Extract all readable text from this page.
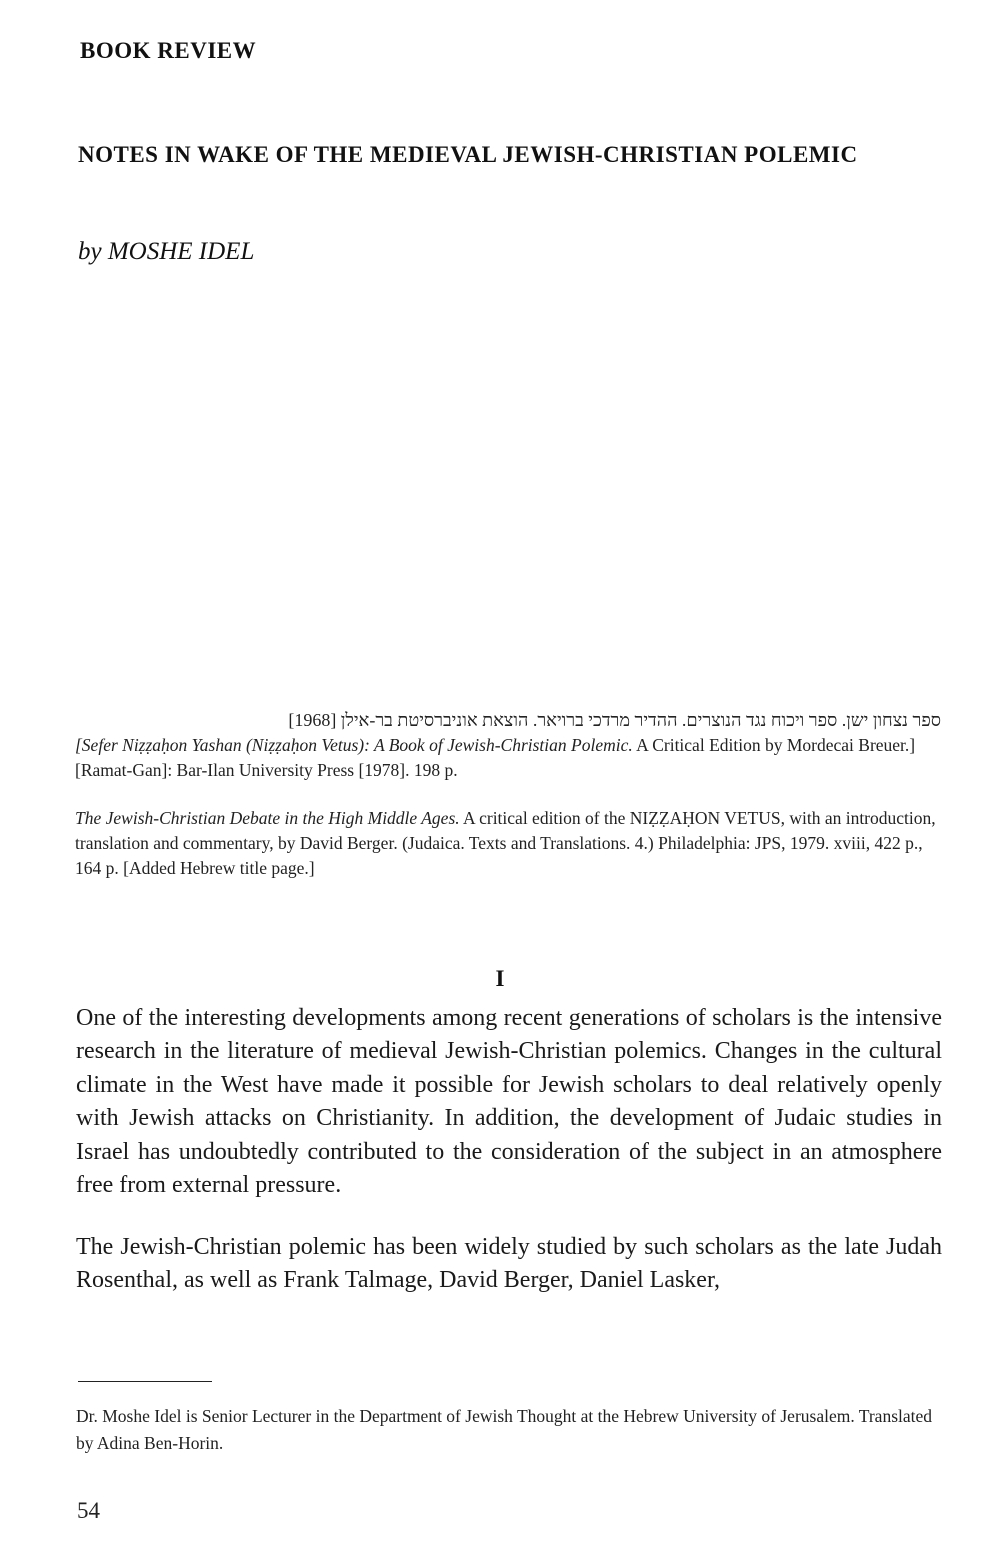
BOOK REVIEW
NOTES IN WAKE OF THE MEDIEVAL JEWISH-CHRISTIAN POLEMIC

by MOSHE IDEL

ספר נצחון ישן. ספר ויכוח נגד הנוצרים. ההדיר מרדכי ברויאר. הוצאת אוניברסיטת בר-אילן [1968]

[Sefer Niẓẓaḥon Yashan (Niẓẓaḥon Vetus): A Book of Jewish-Christian Polemic. A Critical Edition by Mordecai Breuer.] [Ramat-Gan]: Bar-Ilan University Press [1978]. 198 p.

The Jewish-Christian Debate in the High Middle Ages. A critical edition of the NIẒẒAḤON VETUS, with an introduction, translation and commentary, by David Berger. (Judaica. Texts and Translations. 4.) Philadelphia: JPS, 1979. xviii, 422 p., 164 p. [Added Hebrew title page.]

I

One of the interesting developments among recent generations of scholars is the intensive research in the literature of medieval Jewish-Christian polemics. Changes in the cultural climate in the West have made it possible for Jewish scholars to deal relatively openly with Jewish attacks on Christianity. In addition, the development of Judaic studies in Israel has undoubtedly contributed to the consideration of the subject in an atmosphere free from external pressure.

The Jewish-Christian polemic has been widely studied by such scholars as the late Judah Rosenthal, as well as Frank Talmage, David Berger, Daniel Lasker,

Dr. Moshe Idel is Senior Lecturer in the Department of Jewish Thought at the Hebrew University of Jerusalem. Translated by Adina Ben-Horin.

54
